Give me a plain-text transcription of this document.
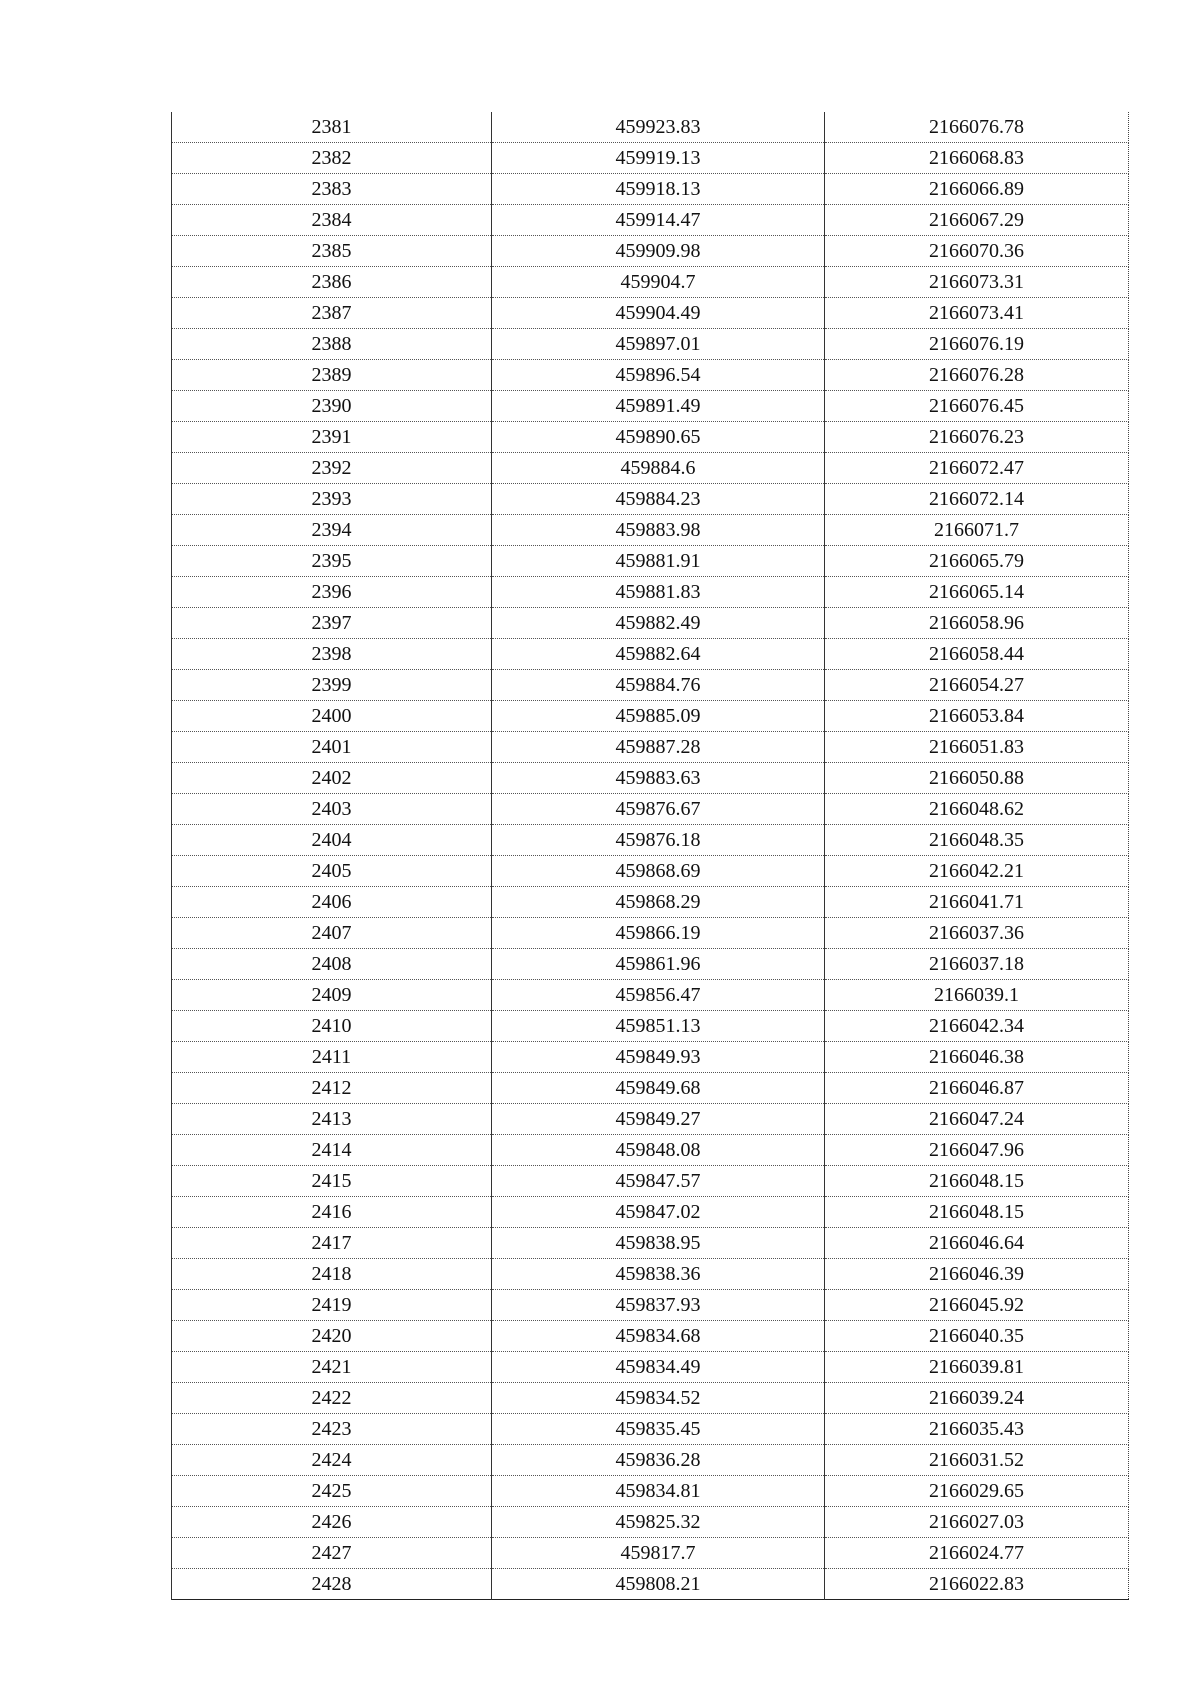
2381	459923.83	2166076.78
2382	459919.13	2166068.83
2383	459918.13	2166066.89
2384	459914.47	2166067.29
2385	459909.98	2166070.36
2386	459904.7	2166073.31
2387	459904.49	2166073.41
2388	459897.01	2166076.19
2389	459896.54	2166076.28
2390	459891.49	2166076.45
2391	459890.65	2166076.23
2392	459884.6	2166072.47
2393	459884.23	2166072.14
2394	459883.98	2166071.7
2395	459881.91	2166065.79
2396	459881.83	2166065.14
2397	459882.49	2166058.96
2398	459882.64	2166058.44
2399	459884.76	2166054.27
2400	459885.09	2166053.84
2401	459887.28	2166051.83
2402	459883.63	2166050.88
2403	459876.67	2166048.62
2404	459876.18	2166048.35
2405	459868.69	2166042.21
2406	459868.29	2166041.71
2407	459866.19	2166037.36
2408	459861.96	2166037.18
2409	459856.47	2166039.1
2410	459851.13	2166042.34
2411	459849.93	2166046.38
2412	459849.68	2166046.87
2413	459849.27	2166047.24
2414	459848.08	2166047.96
2415	459847.57	2166048.15
2416	459847.02	2166048.15
2417	459838.95	2166046.64
2418	459838.36	2166046.39
2419	459837.93	2166045.92
2420	459834.68	2166040.35
2421	459834.49	2166039.81
2422	459834.52	2166039.24
2423	459835.45	2166035.43
2424	459836.28	2166031.52
2425	459834.81	2166029.65
2426	459825.32	2166027.03
2427	459817.7	2166024.77
2428	459808.21	2166022.83
